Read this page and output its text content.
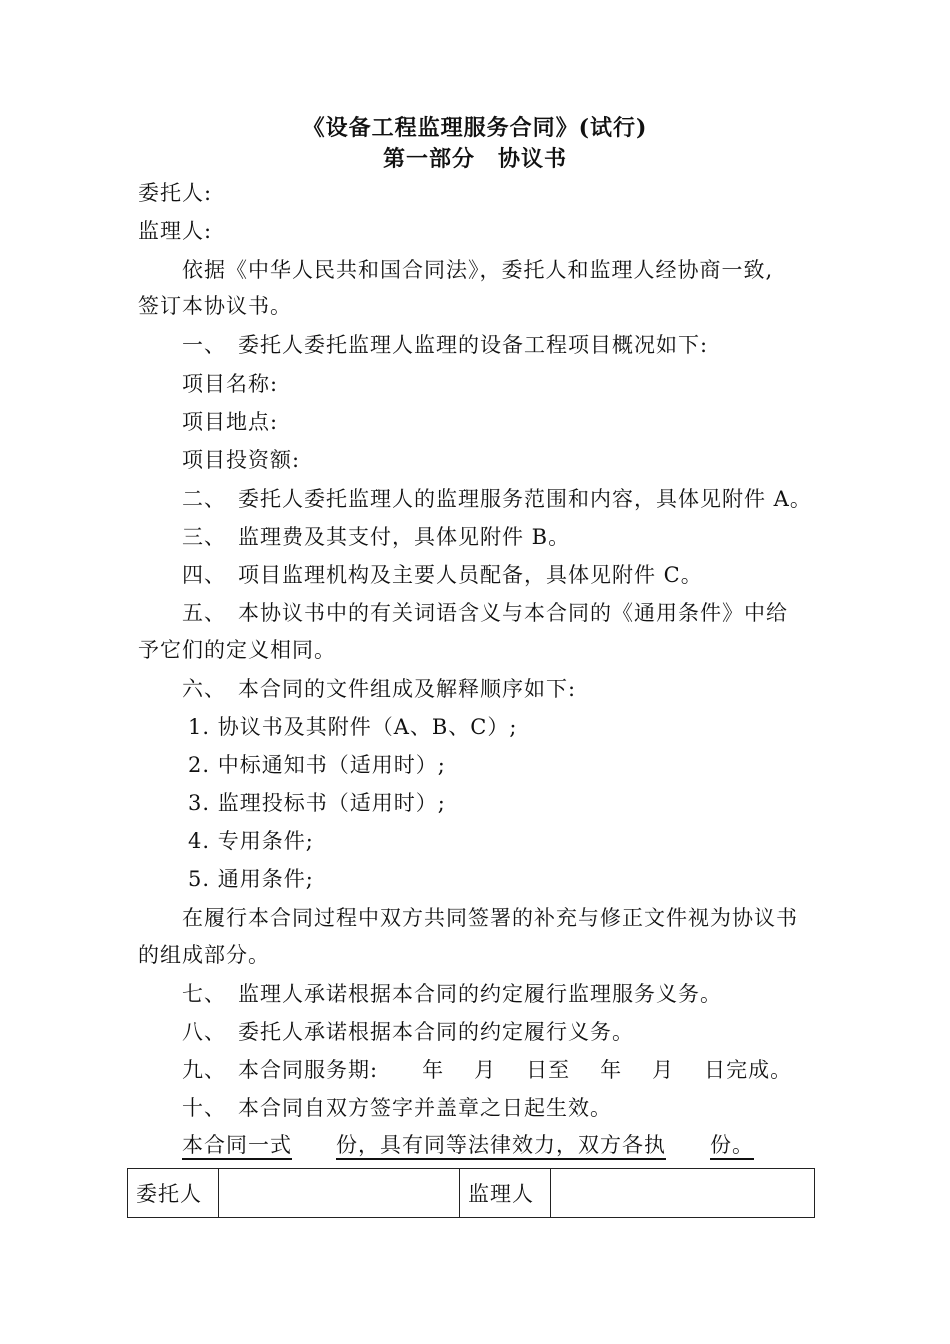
《设备工程监理服务合同》(试行)
第一部分　协议书
委托人:
监理人:
依据《中华人民共和国合同法》，委托人和监理人经协商一致,
签订本协议书。
一、 委托人委托监理人监理的设备工程项目概况如下:
项目名称:
项目地点:
项目投资额:
二、 委托人委托监理人的监理服务范围和内容，具体见附件 A。
三、 监理费及其支付，具体见附件 B。
四、 项目监理机构及主要人员配备，具体见附件 C。
五、 本协议书中的有关词语含义与本合同的《通用条件》中给
予它们的定义相同。
六、 本合同的文件组成及解释顺序如下:
1. 协议书及其附件（A、B、C）;
2. 中标通知书（适用时）;
3. 监理投标书（适用时）;
4. 专用条件;
5. 通用条件;
在履行本合同过程中双方共同签署的补充与修正文件视为协议书
的组成部分。
七、 监理人承诺根据本合同的约定履行监理服务义务。
八、 委托人承诺根据本合同的约定履行义务。
九、 本合同服务期: 年 月 日至 年 月 日完成。
十、 本合同自双方签字并盖章之日起生效。
本合同一式 份，具有同等法律效力，双方各执 份。
委托人		监理人	
